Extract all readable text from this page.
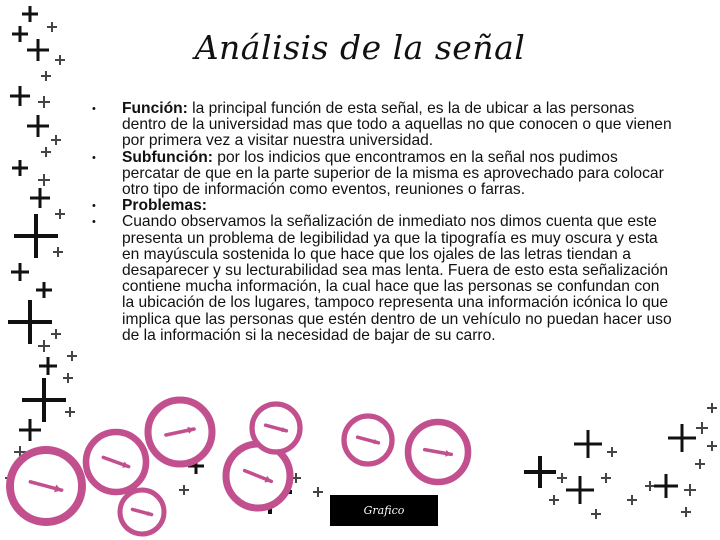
Análisis de la señal
•	Función: la principal función de esta señal, es la de ubicar a las personas dentro de la universidad mas que todo a aquellas no que conocen o que vienen por primera vez a visitar nuestra universidad.
•	Subfunción: por los indicios que encontramos en la señal nos pudimos percatar de que en la parte superior de la misma es aprovechado para colocar otro tipo de información como eventos, reuniones o farras.
•	Problemas:
•	Cuando observamos la señalización de inmediato nos dimos cuenta que este presenta un problema de legibilidad ya que la tipografía es muy oscura y esta en mayúscula sostenida lo que hace que los ojales de las letras tiendan a desaparecer y su lecturabilidad sea mas lenta. Fuera de esto esta señalización contiene mucha información, la cual hace que las personas se confundan con la ubicación de los lugares, tampoco representa una información icónica lo que implica que las personas que estén dentro de un vehículo no puedan hacer uso de la información si la necesidad de bajar de su carro.
Grafico
